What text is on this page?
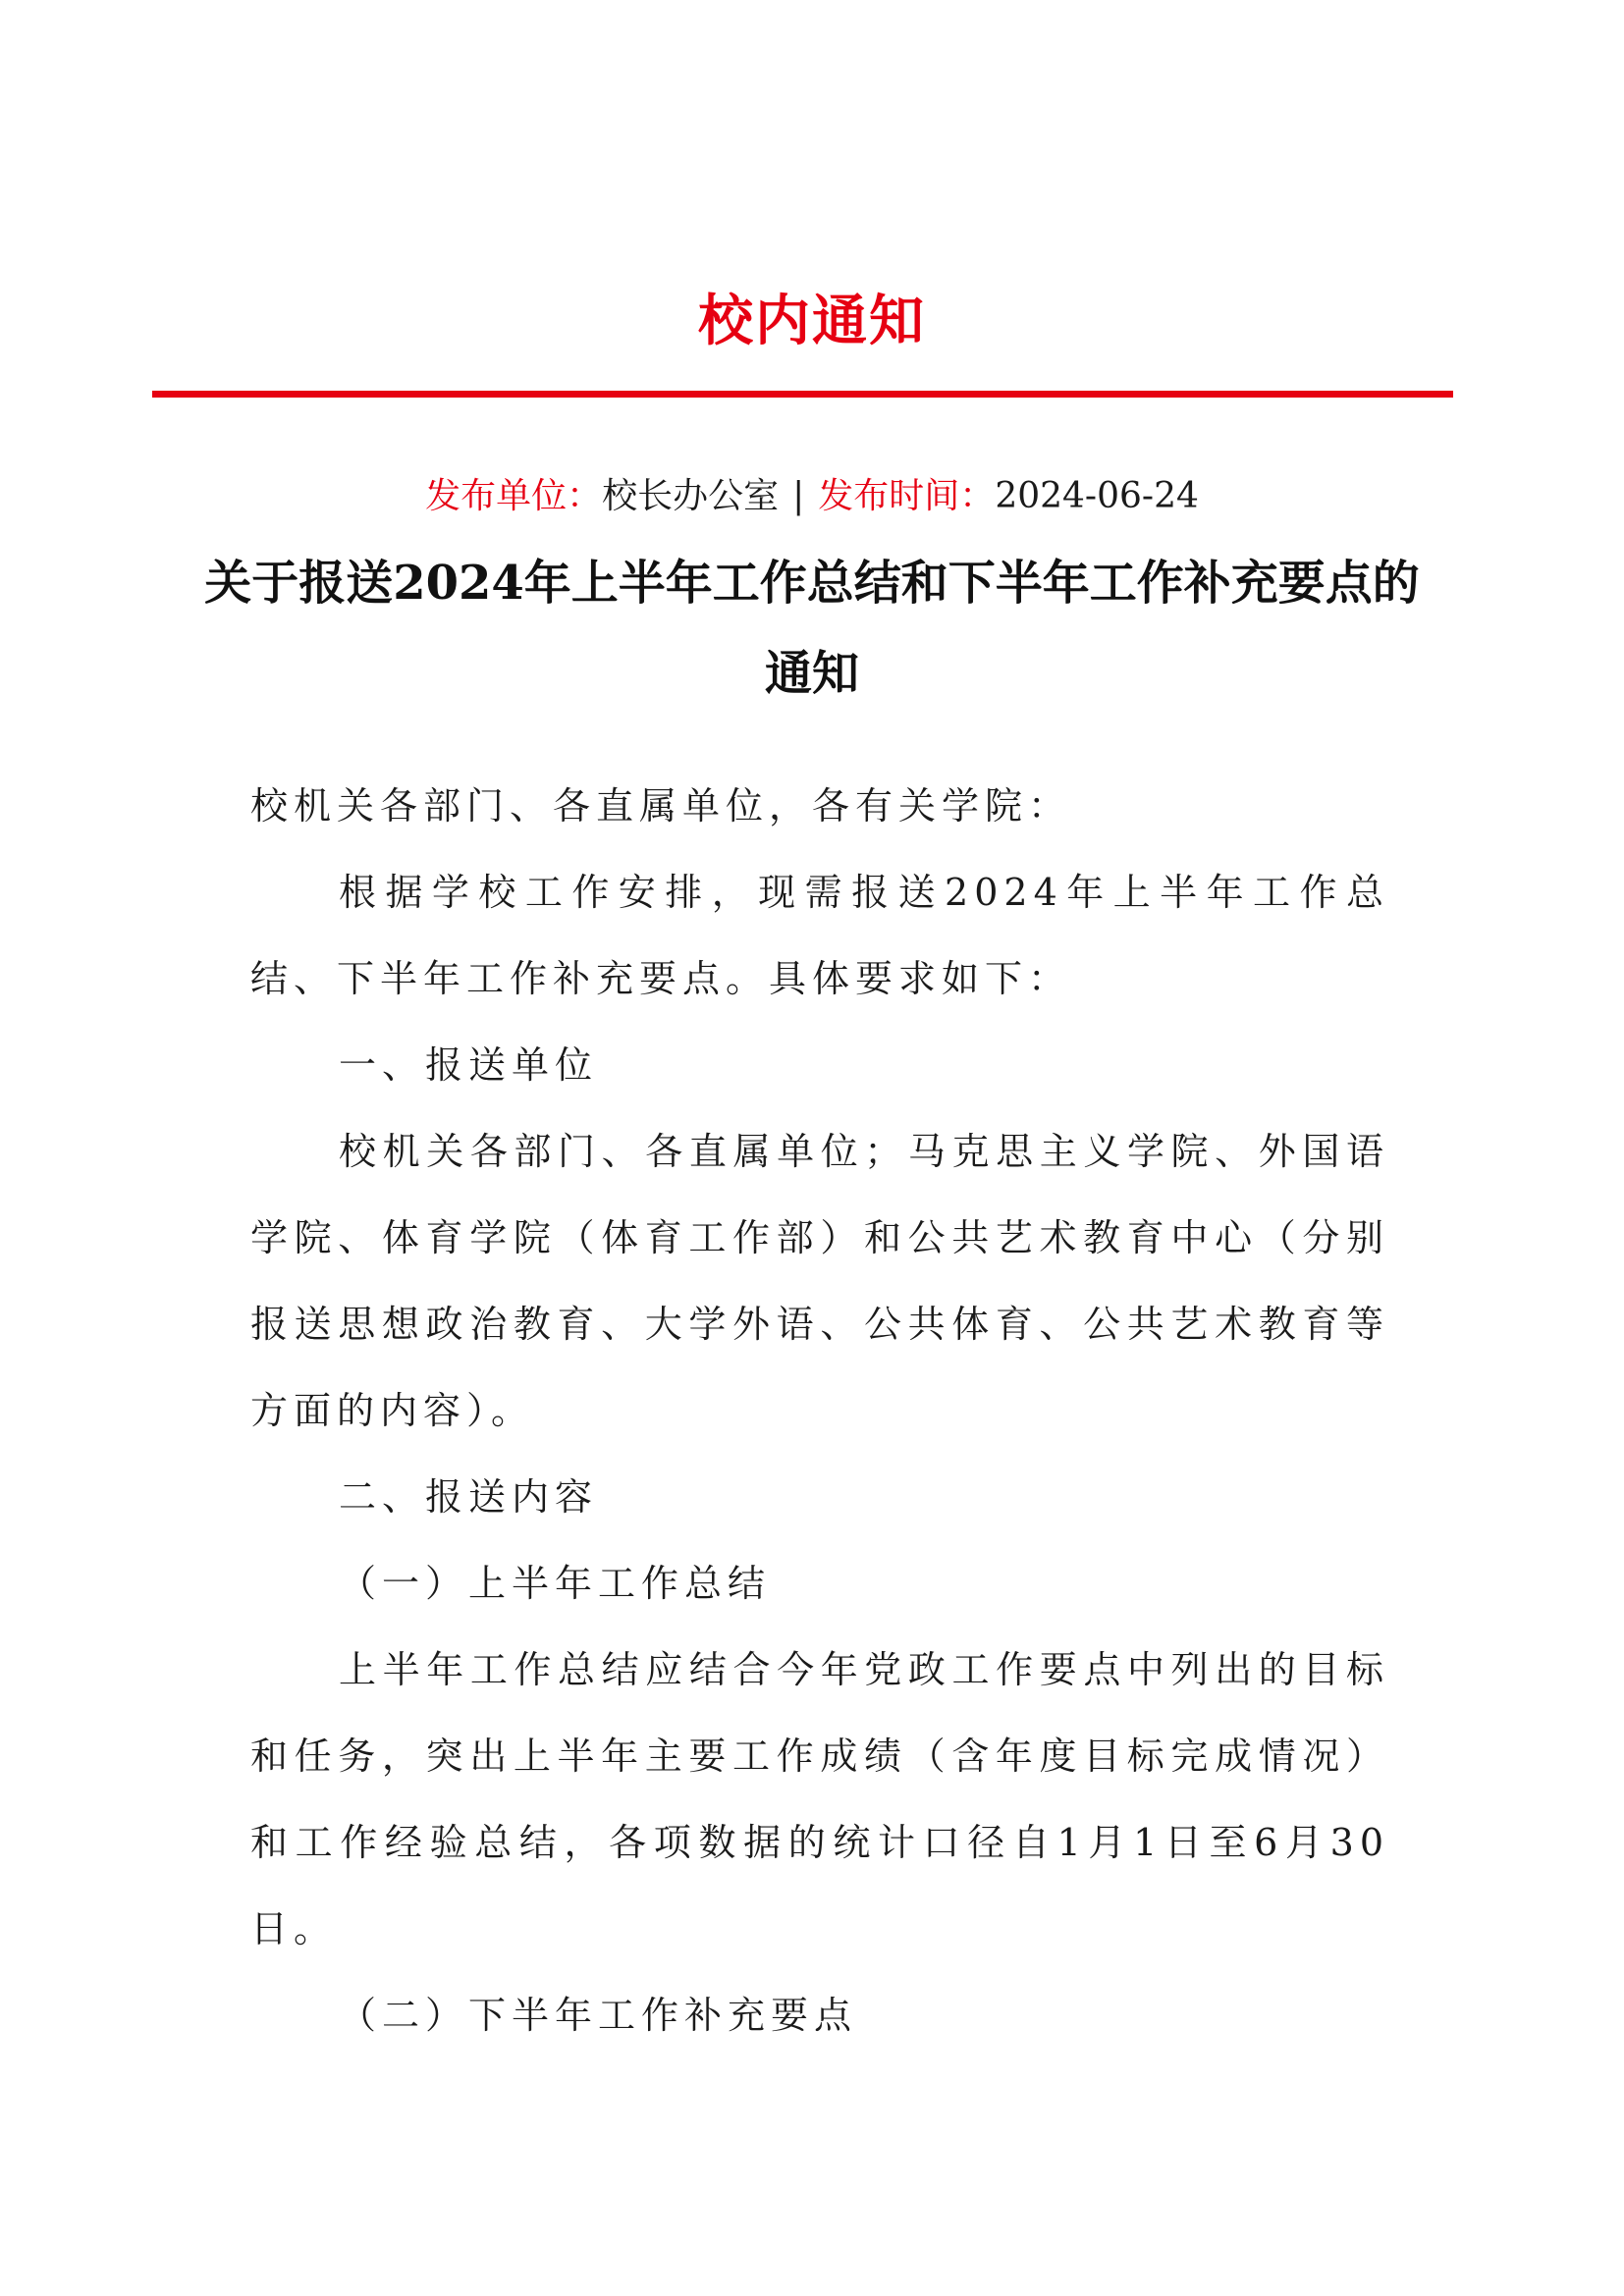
校内通知
发布单位：校长办公室 | 发布时间：2024-06-24
关于报送2024年上半年工作总结和下半年工作补充要点的通知

校机关各部门、各直属单位，各有关学院：

根据学校工作安排，现需报送2024年上半年工作总结、下半年工作补充要点。具体要求如下：

一、报送单位

校机关各部门、各直属单位；马克思主义学院、外国语学院、体育学院（体育工作部）和公共艺术教育中心（分别报送思想政治教育、大学外语、公共体育、公共艺术教育等方面的内容）。

二、报送内容

（一）上半年工作总结

上半年工作总结应结合今年党政工作要点中列出的目标和任务，突出上半年主要工作成绩（含年度目标完成情况）和工作经验总结，各项数据的统计口径自1月1日至6月30日。

（二）下半年工作补充要点
